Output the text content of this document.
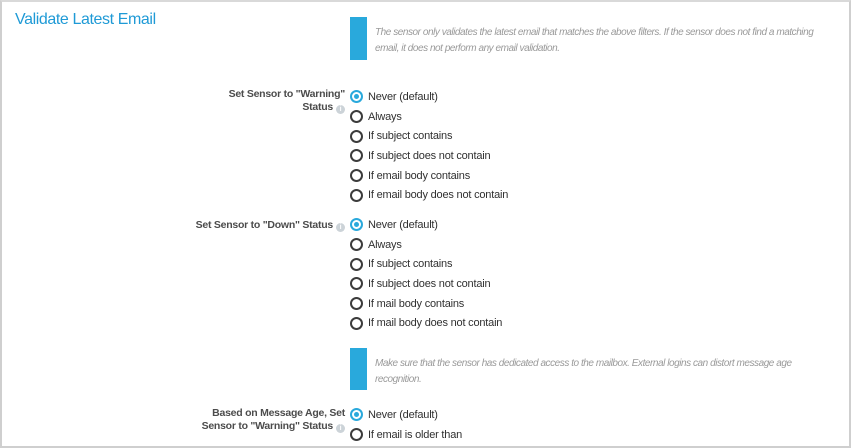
Validate Latest Email
The sensor only validates the latest email that matches the above filters. If the sensor does not find a matching
email, it does not perform any email validation.
Set Sensor to "Warning"
Status i
Never (default)
Always
If subject contains
If subject does not contain
If email body contains
If email body does not contain
Set Sensor to "Down" Status i	Never (default)
Always
If subject contains
If subject does not contain
If mail body contains
If mail body does not contain
Make sure that the sensor has dedicated access to the mailbox. External logins can distort message age
recognition.
Based on Message Age, Set
Sensor to "Warning" Status i
Never (default)
If email is older than
